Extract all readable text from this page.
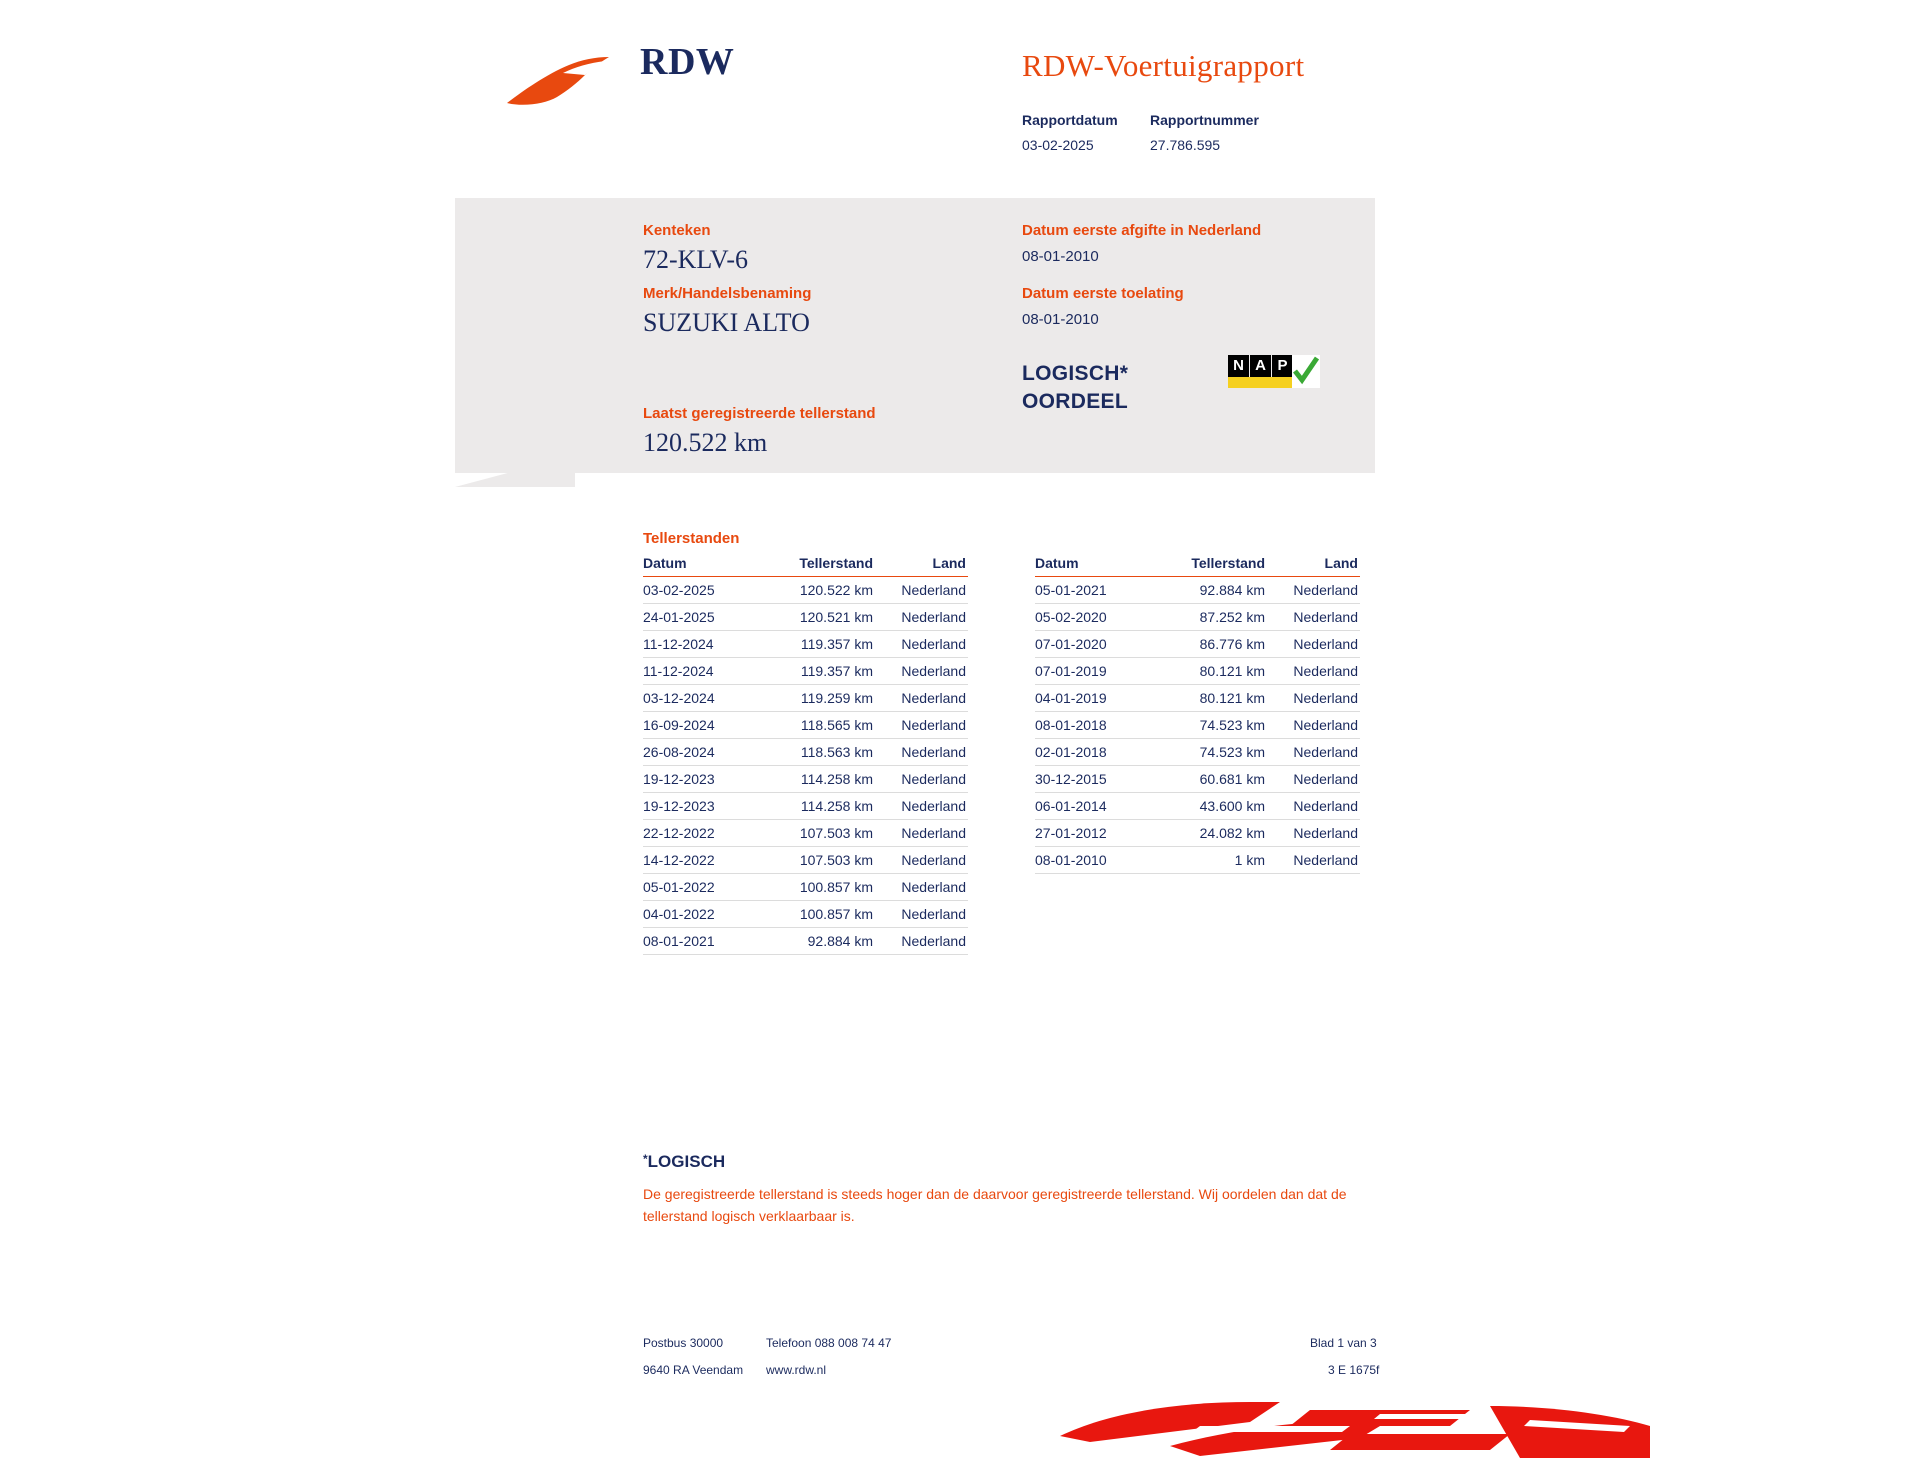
RDW	RDW-Voertuigrapport
Rapportdatum
03-02-2025
Rapportnummer
27.786.595
Kenteken
72-KLV-6
Merk/Handelsbenaming
SUZUKI ALTO
Laatst geregistreerde tellerstand
120.522 km
Datum eerste afgifte in Nederland
08-01-2010
Datum eerste toelating
08-01-2010
LOGISCH*
OORDEEL
N A P
Tellerstanden
Datum	Tellerstand	Land
03-02-2025	120.522 km	Nederland
24-01-2025	120.521 km	Nederland
11-12-2024	119.357 km	Nederland
11-12-2024	119.357 km	Nederland
03-12-2024	119.259 km	Nederland
16-09-2024	118.565 km	Nederland
26-08-2024	118.563 km	Nederland
19-12-2023	114.258 km	Nederland
19-12-2023	114.258 km	Nederland
22-12-2022	107.503 km	Nederland
14-12-2022	107.503 km	Nederland
05-01-2022	100.857 km	Nederland
04-01-2022	100.857 km	Nederland
08-01-2021	92.884 km	Nederland
Datum	Tellerstand	Land
05-01-2021	92.884 km	Nederland
05-02-2020	87.252 km	Nederland
07-01-2020	86.776 km	Nederland
07-01-2019	80.121 km	Nederland
04-01-2019	80.121 km	Nederland
08-01-2018	74.523 km	Nederland
02-01-2018	74.523 km	Nederland
30-12-2015	60.681 km	Nederland
06-01-2014	43.600 km	Nederland
27-01-2012	24.082 km	Nederland
08-01-2010	1 km	Nederland
*LOGISCH
De geregistreerde tellerstand is steeds hoger dan de daarvoor geregistreerde tellerstand. Wij oordelen dan dat de tellerstand logisch verklaarbaar is.
Postbus 30000
9640 RA Veendam
Telefoon 088 008 74 47
www.rdw.nl
Blad 1 van 3
3 E 1675f
